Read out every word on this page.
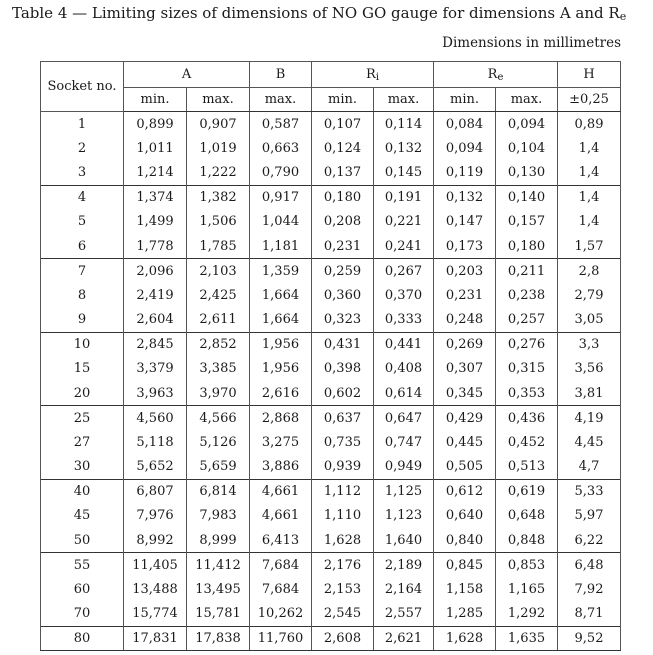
Table 4 — Limiting sizes of dimensions of NO GO gauge for dimensions A and $R_e$
Dimensions in millimetres
Socket no.	A		B	$R_i$		$R_e$		H
	min.	max.	max.	min.	max.	min.	max.	±0,25
1	0,899	0,907	0,587	0,107	0,114	0,084	0,094	0,89
2	1,011	1,019	0,663	0,124	0,132	0,094	0,104	1,4
3	1,214	1,222	0,790	0,137	0,145	0,119	0,130	1,4
4	1,374	1,382	0,917	0,180	0,191	0,132	0,140	1,4
5	1,499	1,506	1,044	0,208	0,221	0,147	0,157	1,4
6	1,778	1,785	1,181	0,231	0,241	0,173	0,180	1,57
7	2,096	2,103	1,359	0,259	0,267	0,203	0,211	2,8
8	2,419	2,425	1,664	0,360	0,370	0,231	0,238	2,79
9	2,604	2,611	1,664	0,323	0,333	0,248	0,257	3,05
10	2,845	2,852	1,956	0,431	0,441	0,269	0,276	3,3
15	3,379	3,385	1,956	0,398	0,408	0,307	0,315	3,56
20	3,963	3,970	2,616	0,602	0,614	0,345	0,353	3,81
25	4,560	4,566	2,868	0,637	0,647	0,429	0,436	4,19
27	5,118	5,126	3,275	0,735	0,747	0,445	0,452	4,45
30	5,652	5,659	3,886	0,939	0,949	0,505	0,513	4,7
40	6,807	6,814	4,661	1,112	1,125	0,612	0,619	5,33
45	7,976	7,983	4,661	1,110	1,123	0,640	0,648	5,97
50	8,992	8,999	6,413	1,628	1,640	0,840	0,848	6,22
55	11,405	11,412	7,684	2,176	2,189	0,845	0,853	6,48
60	13,488	13,495	7,684	2,153	2,164	1,158	1,165	7,92
70	15,774	15,781	10,262	2,545	2,557	1,285	1,292	8,71
80	17,831	17,838	11,760	2,608	2,621	1,628	1,635	9,52
